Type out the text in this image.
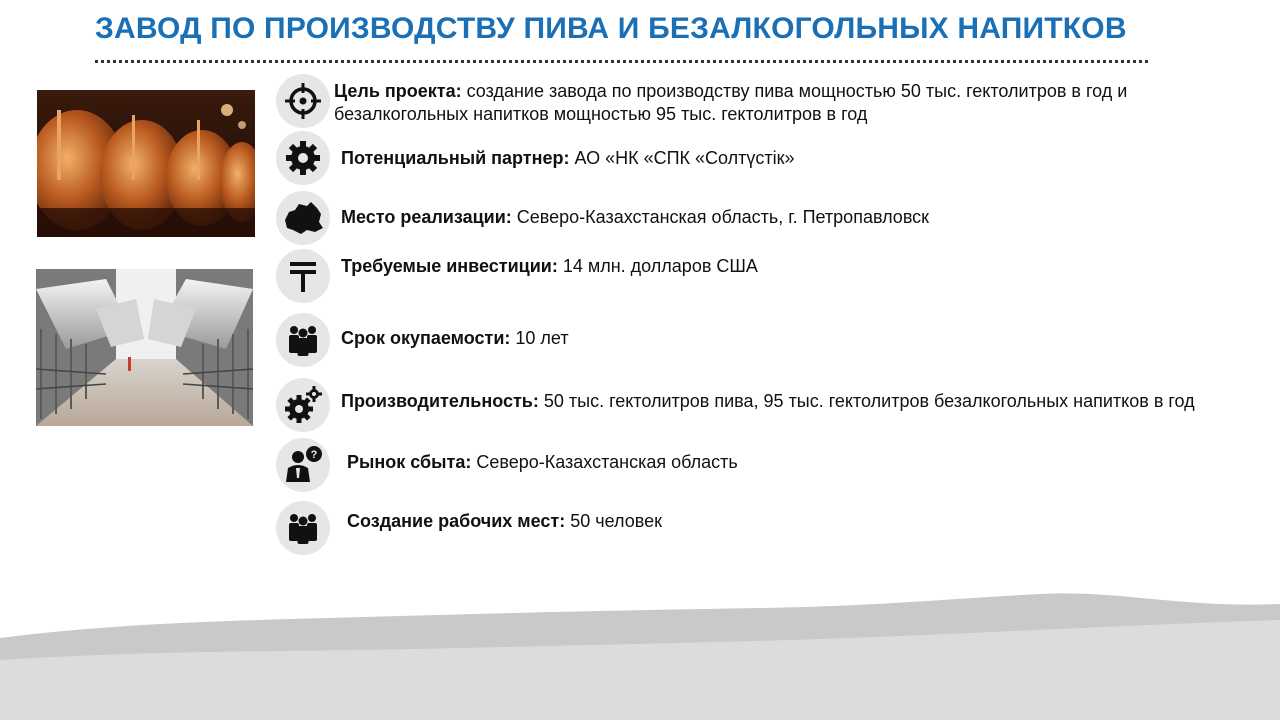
ЗАВОД ПО ПРОИЗВОДСТВУ ПИВА И БЕЗАЛКОГОЛЬНЫХ НАПИТКОВ
?
Цель проекта: создание завода по производству пива мощностью 50 тыс. гектолитров в год и безалкогольных напитков мощностью 95 тыс. гектолитров в год
Потенциальный партнер: АО «НК «СПК «Солтүстік»
Место реализации: Северо-Казахстанская область, г. Петропавловск
Требуемые инвестиции: 14 млн. долларов США
Срок окупаемости: 10 лет
Производительность: 50 тыс. гектолитров пива, 95 тыс. гектолитров безалкогольных напитков в год
Рынок сбыта: Северо-Казахстанская область
Создание рабочих мест: 50 человек
